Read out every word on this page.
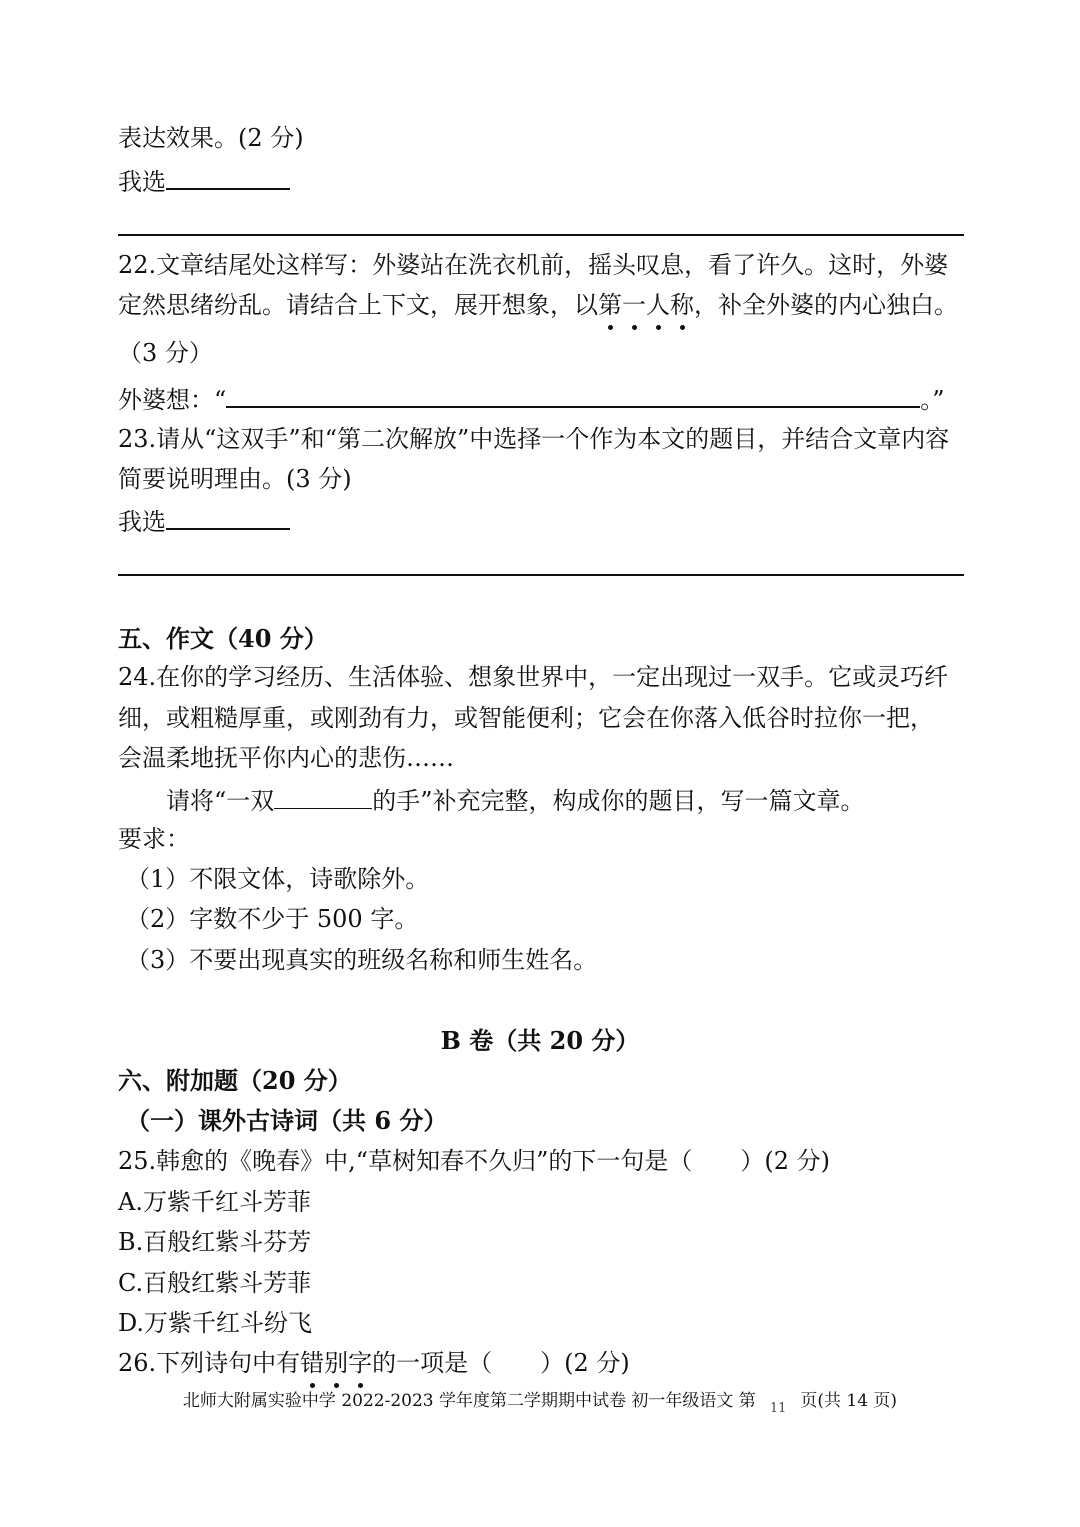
表达效果。(2 分)
我选
22.文章结尾处这样写：外婆站在洗衣机前，摇头叹息，看了许久。这时，外婆
定然思绪纷乱。请结合上下文，展开想象，以第一人称，补全外婆的内心独白。
（3 分）
外婆想：“	。”
23.请从“这双手”和“第二次解放”中选择一个作为本文的题目，并结合文章内容
简要说明理由。(3 分)
我选
五、作文（40 分）
24.在你的学习经历、生活体验、想象世界中，一定出现过一双手。它或灵巧纤
细，或粗糙厚重，或刚劲有力，或智能便利；它会在你落入低谷时拉你一把，
会温柔地抚平你内心的悲伤……
请将“一双	的手”补充完整，构成你的题目，写一篇文章。
要求：
（1）不限文体，诗歌除外。
（2）字数不少于 500 字。
（3）不要出现真实的班级名称和师生姓名。
B 卷（共 20 分）
六、附加题（20 分）
（一）课外古诗词（共 6 分）
25.韩愈的《晚春》中,“草树知春不久归”的下一句是（　　）(2 分)
A.万紫千红斗芳菲
B.百般红紫斗芬芳
C.百般红紫斗芳菲
D.万紫千红斗纷飞
26.下列诗句中有错别字的一项是（　　）(2 分)
北师大附属实验中学 2022-2023 学年度第二学期期中试卷 初一年级语文 第 $_{11}$ 页(共 14 页)
